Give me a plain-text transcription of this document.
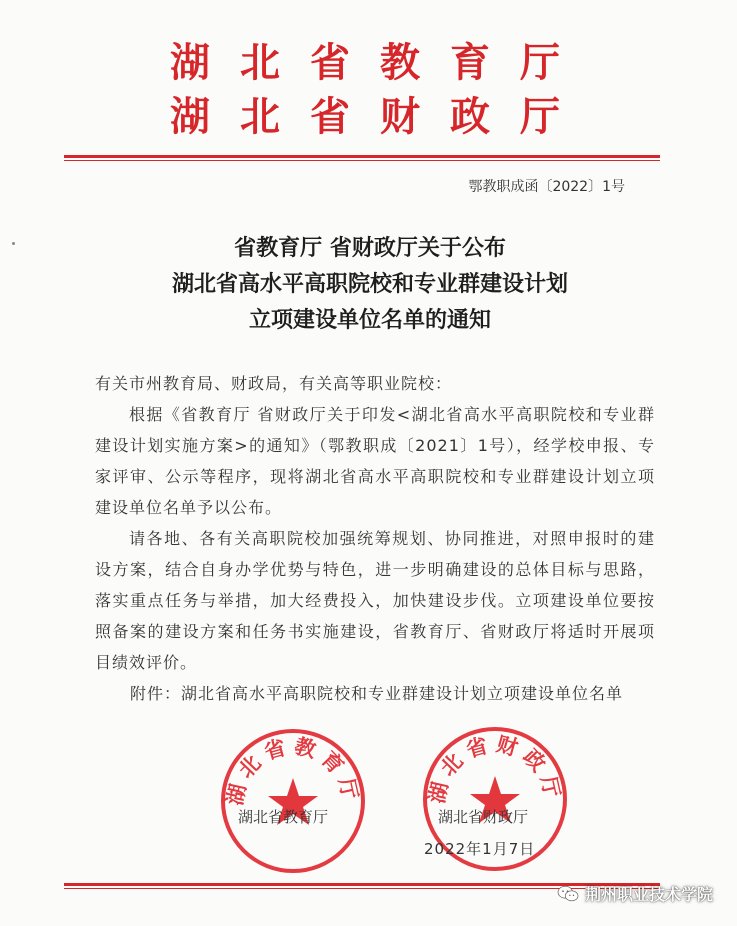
湖北省教育厅
湖北省财政厅
鄂教职成函〔2022〕1号
省教育厅 省财政厅关于公布
湖北省高水平高职院校和专业群建设计划
立项建设单位名单的通知
有关市州教育局、财政局，有关高等职业院校：
根据《省教育厅 省财政厅关于印发<湖北省高水平高职院校和专业群建设计划实施方案>的通知》（鄂教职成〔2021〕1号），经学校申报、专家评审、公示等程序，现将湖北省高水平高职院校和专业群建设计划立项建设单位名单予以公布。
请各地、各有关高职院校加强统筹规划、协同推进，对照申报时的建设方案，结合自身办学优势与特色，进一步明确建设的总体目标与思路，落实重点任务与举措，加大经费投入，加快建设步伐。立项建设单位要按照备案的建设方案和任务书实施建设，省教育厅、省财政厅将适时开展项目绩效评价。
附件：湖北省高水平高职院校和专业群建设计划立项建设单位名单
湖北省教育厅	湖北省财政厅
湖北省教育厅	湖北省财政厅
2022年1月7日
荆州职业技术学院
